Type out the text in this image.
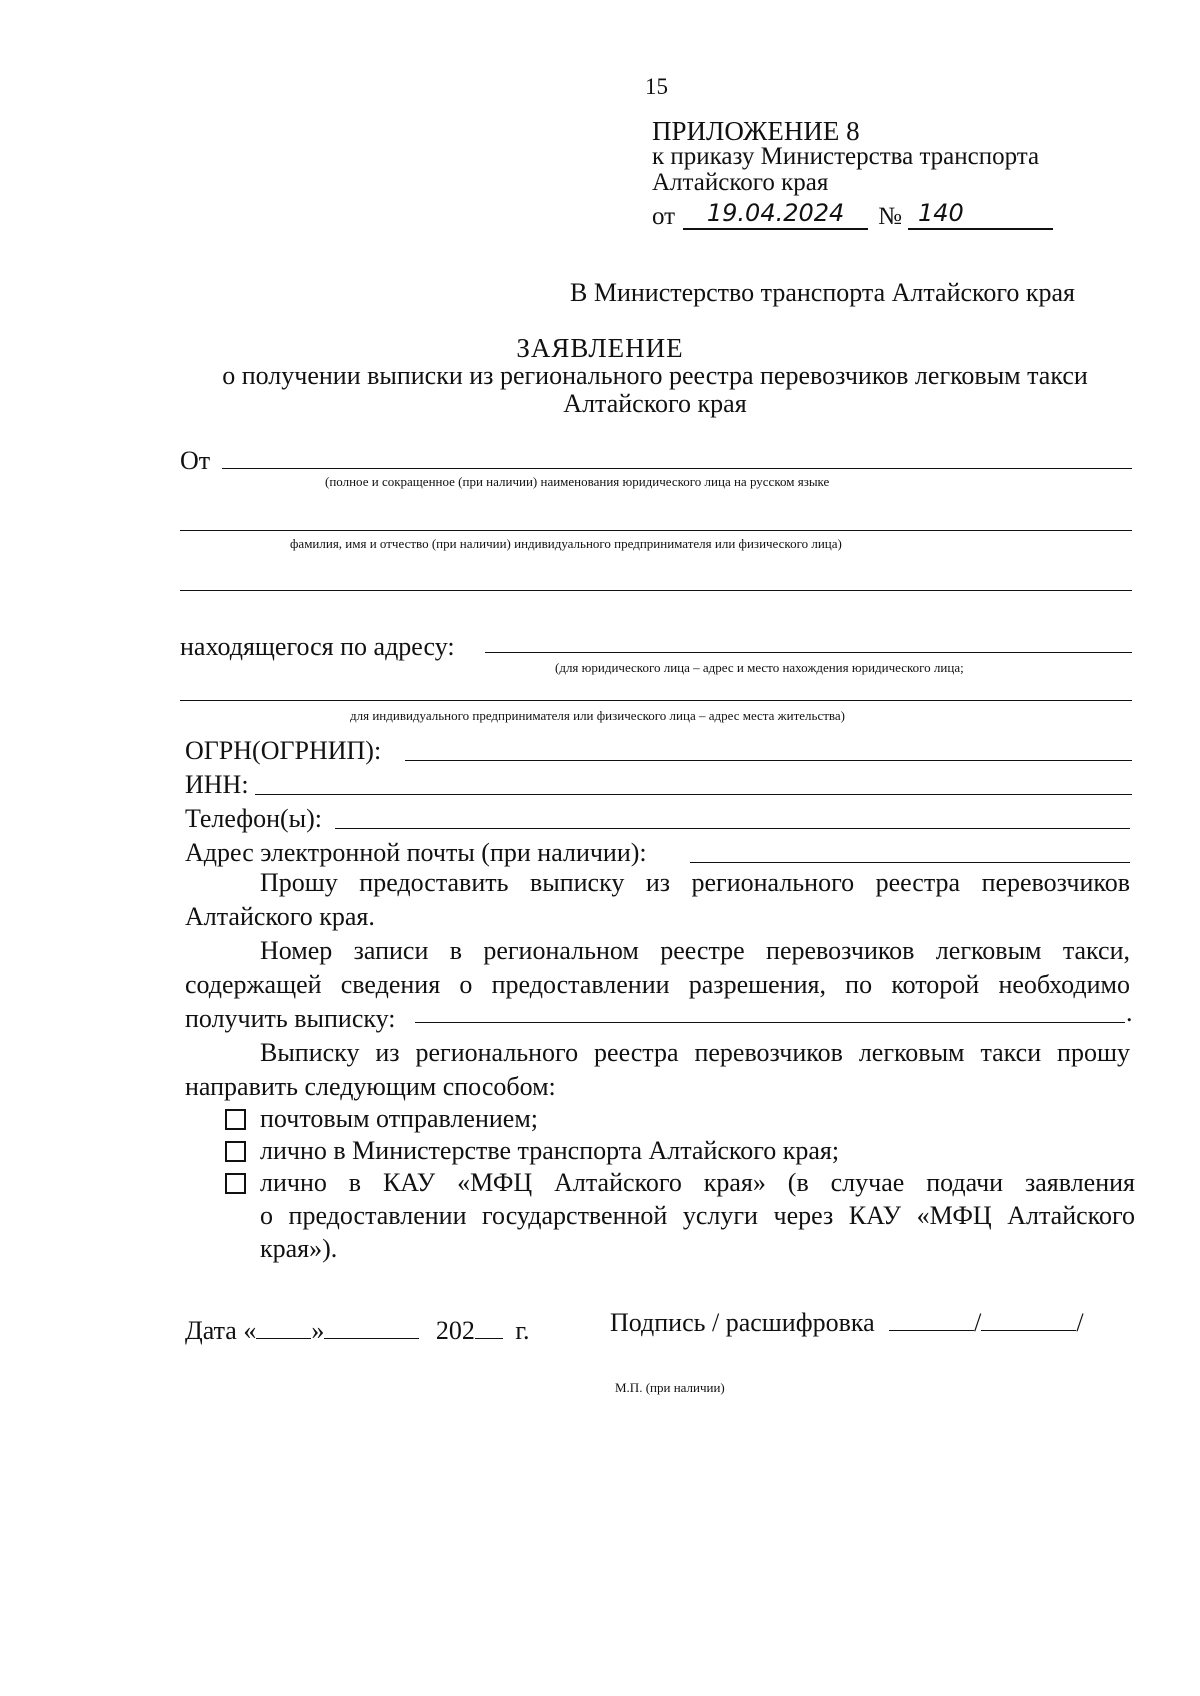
15
ПРИЛОЖЕНИЕ 8
к приказу Министерства транспорта
Алтайского края
от	19.04.2024	№ 140
В Министерство транспорта Алтайского края
ЗАЯВЛЕНИЕ
о получении выписки из регионального реестра перевозчиков легковым такси
Алтайского края
От
(полное и сокращенное (при наличии) наименования юридического лица на русском языке
фамилия, имя и отчество (при наличии) индивидуального предпринимателя или физического лица)
находящегося по адресу:
(для юридического лица – адрес и место нахождения юридического лица;
для индивидуального предпринимателя или физического лица – адрес места жительства)
ОГРН(ОГРНИП):
ИНН:
Телефон(ы):
Адрес электронной почты (при наличии):
Прошу предоставить выписку из регионального реестра перевозчиков
Алтайского края.
Номер записи в региональном реестре перевозчиков легковым такси,
содержащей сведения о предоставлении разрешения, по которой необходимо
получить выписку:	.
Выписку из регионального реестра перевозчиков легковым такси прошу
направить следующим способом:
почтовым отправлением;
лично в Министерстве транспорта Алтайского края;
лично в КАУ «МФЦ Алтайского края» (в случае подачи заявления
о предоставлении государственной услуги через КАУ «МФЦ Алтайского
края»).
Дата « »	202 г.	Подпись / расшифровка	/	/
М.П. (при наличии)
